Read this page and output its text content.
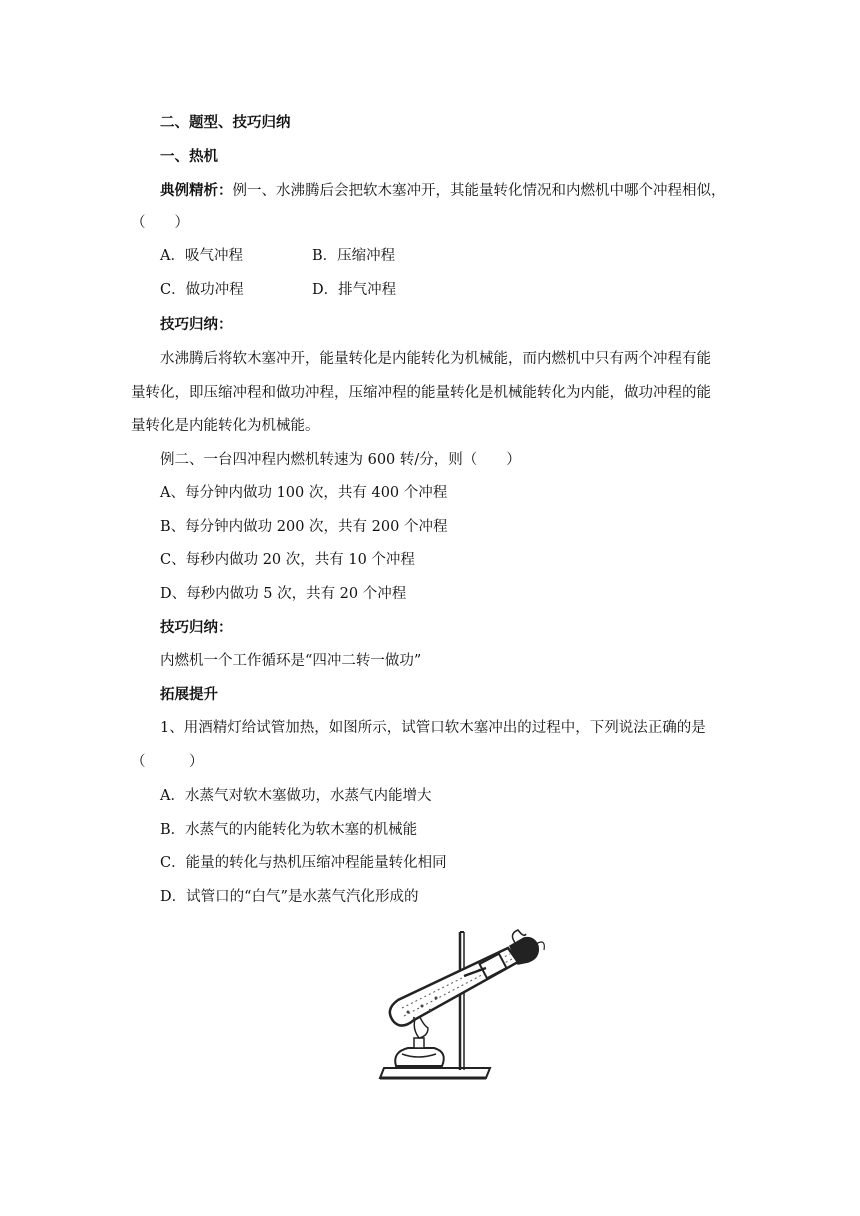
二、题型、技巧归纳
一、热机
典例精析：例一、水沸腾后会把软木塞冲开，其能量转化情况和内燃机中哪个冲程相似，
（　　）
A．吸气冲程	B．压缩冲程
C．做功冲程	D．排气冲程
技巧归纳：
水沸腾后将软木塞冲开，能量转化是内能转化为机械能，而内燃机中只有两个冲程有能
量转化，即压缩冲程和做功冲程，压缩冲程的能量转化是机械能转化为内能，做功冲程的能
量转化是内能转化为机械能。
例二、一台四冲程内燃机转速为 600 转/分，则（　　）
A、每分钟内做功 100 次，共有 400 个冲程
B、每分钟内做功 200 次，共有 200 个冲程
C、每秒内做功 20 次，共有 10 个冲程
D、每秒内做功 5 次，共有 20 个冲程
技巧归纳：
内燃机一个工作循环是“四冲二转一做功”
拓展提升
1、用酒精灯给试管加热，如图所示，试管口软木塞冲出的过程中，下列说法正确的是
（　　　）
A．水蒸气对软木塞做功，水蒸气内能增大
B．水蒸气的内能转化为软木塞的机械能
C．能量的转化与热机压缩冲程能量转化相同
D．试管口的“白气”是水蒸气汽化形成的
